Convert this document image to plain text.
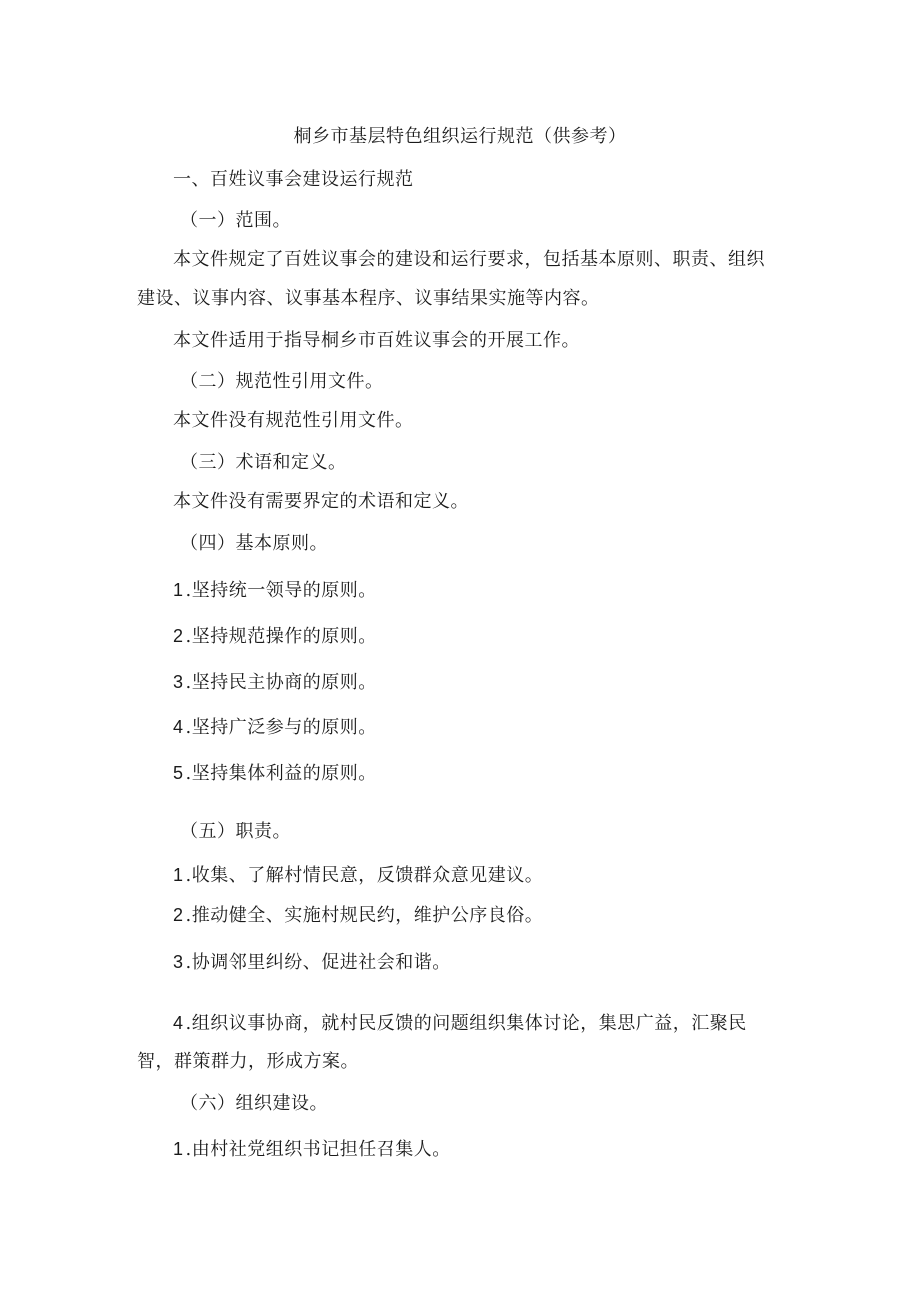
桐乡市基层特色组织运行规范（供参考）
一、百姓议事会建设运行规范
（一）范围。
本文件规定了百姓议事会的建设和运行要求，包括基本原则、职责、组织
建设、议事内容、议事基本程序、议事结果实施等内容。
本文件适用于指导桐乡市百姓议事会的开展工作。
（二）规范性引用文件。
本文件没有规范性引用文件。
（三）术语和定义。
本文件没有需要界定的术语和定义。
（四）基本原则。
1 .坚持统一领导的原则。
2 .坚持规范操作的原则。
3 .坚持民主协商的原则。
4 .坚持广泛参与的原则。
5 .坚持集体利益的原则。
（五）职责。
1 .收集、了解村情民意，反馈群众意见建议。
2 .推动健全、实施村规民约，维护公序良俗。
3 .协调邻里纠纷、促进社会和谐。
4 .组织议事协商，就村民反馈的问题组织集体讨论，集思广益，汇聚民
智，群策群力，形成方案。
（六）组织建设。
1 .由村社党组织书记担任召集人。
